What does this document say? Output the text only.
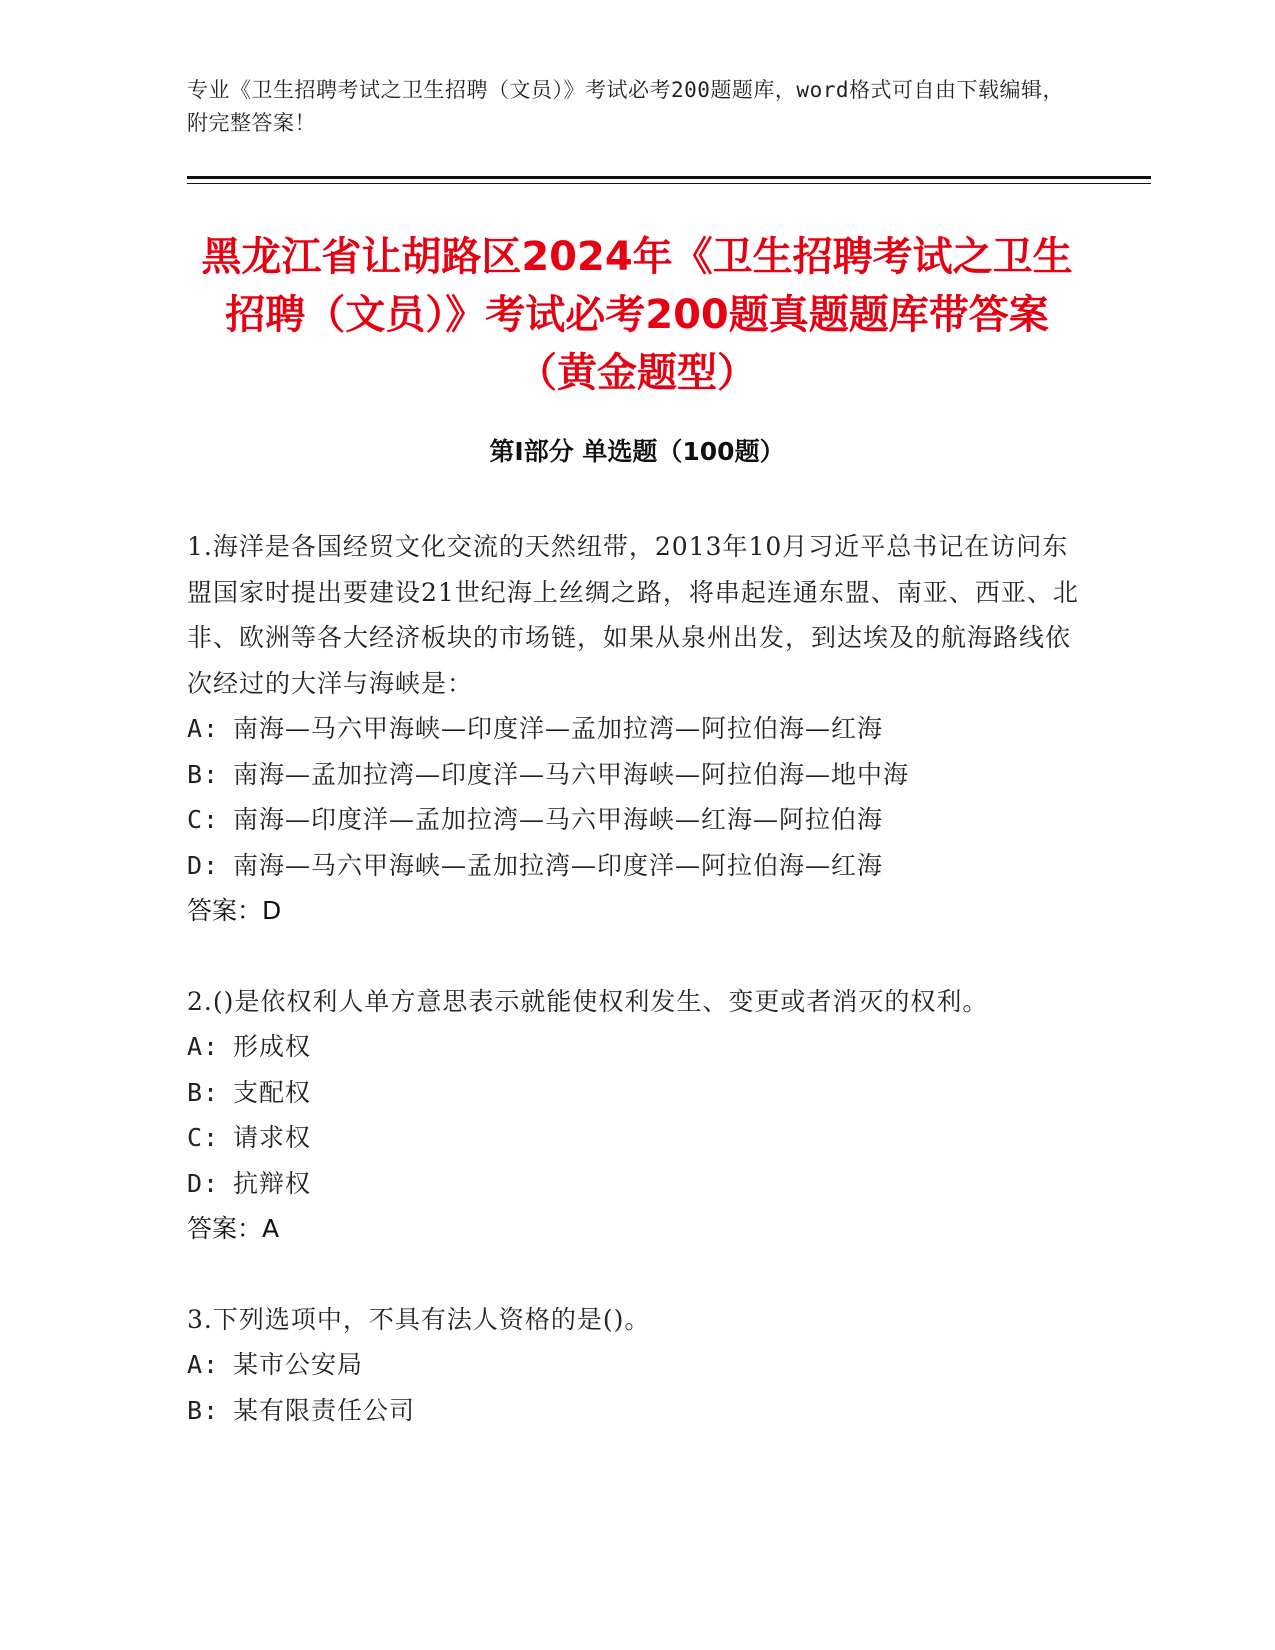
专业《卫生招聘考试之卫生招聘（文员）》考试必考200题题库，word格式可自由下载编辑，附完整答案！
黑龙江省让胡路区2024年《卫生招聘考试之卫生招聘（文员）》考试必考200题真题题库带答案（黄金题型）
第Ⅰ部分 单选题（100题）
1.海洋是各国经贸文化交流的天然纽带，2013年10月习近平总书记在访问东盟国家时提出要建设21世纪海上丝绸之路，将串起连通东盟、南亚、西亚、北非、欧洲等各大经济板块的市场链，如果从泉州出发，到达埃及的航海路线依次经过的大洋与海峡是：
A: 南海—马六甲海峡—印度洋—孟加拉湾—阿拉伯海—红海
B: 南海—孟加拉湾—印度洋—马六甲海峡—阿拉伯海—地中海
C: 南海—印度洋—孟加拉湾—马六甲海峡—红海—阿拉伯海
D: 南海—马六甲海峡—孟加拉湾—印度洋—阿拉伯海—红海
答案：D
2.()是依权利人单方意思表示就能使权利发生、变更或者消灭的权利。
A: 形成权
B: 支配权
C: 请求权
D: 抗辩权
答案：A
3.下列选项中，不具有法人资格的是()。
A: 某市公安局
B: 某有限责任公司
